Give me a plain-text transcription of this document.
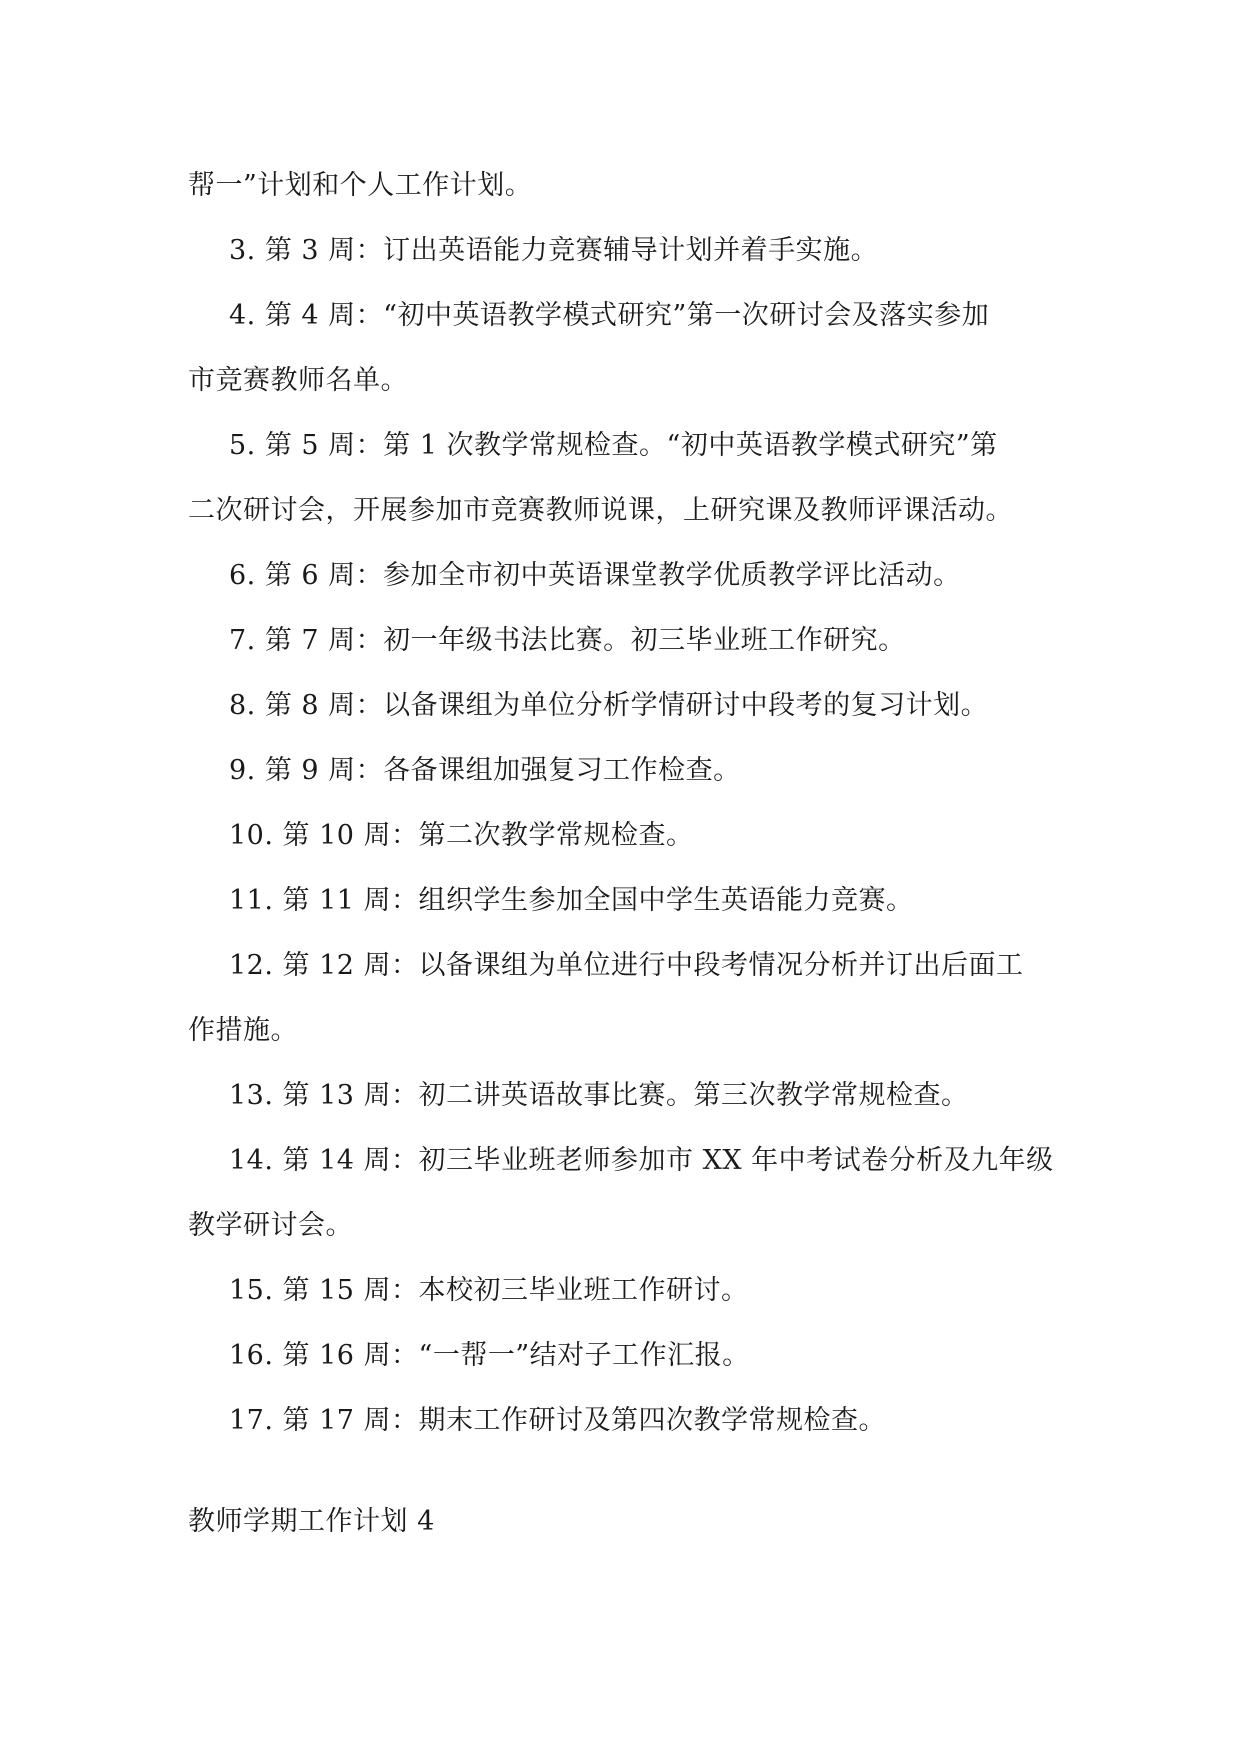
帮一”计划和个人工作计划。
3. 第 3 周：订出英语能力竞赛辅导计划并着手实施。
4. 第 4 周：“初中英语教学模式研究”第一次研讨会及落实参加
市竞赛教师名单。
5. 第 5 周：第 1 次教学常规检查。“初中英语教学模式研究”第
二次研讨会，开展参加市竞赛教师说课，上研究课及教师评课活动。
6. 第 6 周：参加全市初中英语课堂教学优质教学评比活动。
7. 第 7 周：初一年级书法比赛。初三毕业班工作研究。
8. 第 8 周：以备课组为单位分析学情研讨中段考的复习计划。
9. 第 9 周：各备课组加强复习工作检查。
10. 第 10 周：第二次教学常规检查。
11. 第 11 周：组织学生参加全国中学生英语能力竞赛。
12. 第 12 周：以备课组为单位进行中段考情况分析并订出后面工
作措施。
13. 第 13 周：初二讲英语故事比赛。第三次教学常规检查。
14. 第 14 周：初三毕业班老师参加市 XX 年中考试卷分析及九年级
教学研讨会。
15. 第 15 周：本校初三毕业班工作研讨。
16. 第 16 周：“一帮一”结对子工作汇报。
17. 第 17 周：期末工作研讨及第四次教学常规检查。
教师学期工作计划 4
